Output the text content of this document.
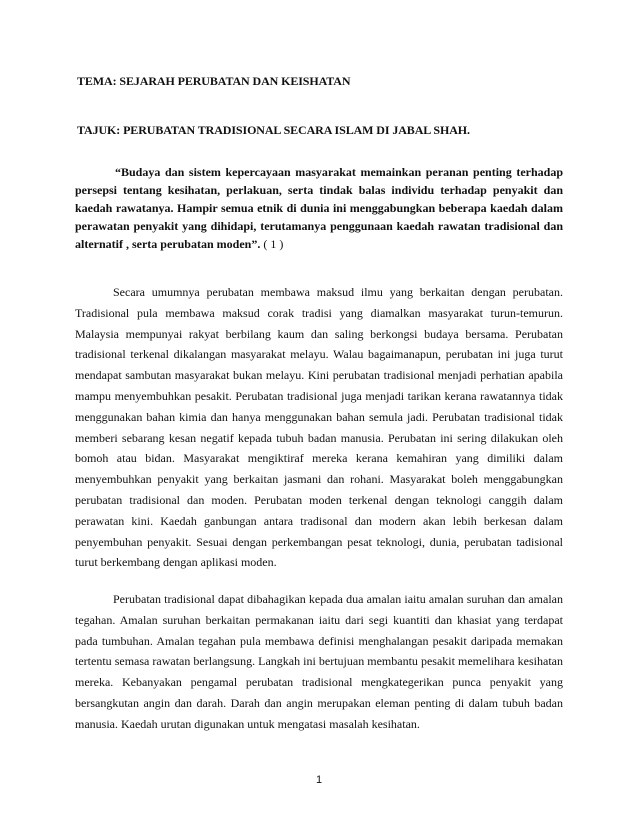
TEMA: SEJARAH PERUBATAN DAN KEISHATAN
TAJUK: PERUBATAN TRADISIONAL SECARA ISLAM DI JABAL SHAH.
“Budaya dan sistem kepercayaan masyarakat memainkan peranan penting terhadap persepsi tentang kesihatan, perlakuan, serta tindak balas individu terhadap penyakit dan kaedah rawatanya. Hampir semua etnik di dunia ini menggabungkan beberapa kaedah dalam perawatan penyakit yang dihidapi, terutamanya penggunaan kaedah rawatan tradisional dan alternatif , serta perubatan moden”. ( 1 )
Secara umumnya perubatan membawa maksud ilmu yang berkaitan dengan perubatan. Tradisional pula membawa maksud corak tradisi yang diamalkan masyarakat turun-temurun. Malaysia mempunyai rakyat berbilang kaum dan saling berkongsi budaya bersama. Perubatan tradisional terkenal dikalangan masyarakat melayu. Walau bagaimanapun, perubatan ini juga turut mendapat sambutan masyarakat bukan melayu. Kini perubatan tradisional menjadi perhatian apabila mampu menyembuhkan pesakit. Perubatan tradisional juga menjadi tarikan kerana rawatannya tidak menggunakan bahan kimia dan hanya menggunakan bahan semula jadi. Perubatan tradisional tidak memberi sebarang kesan negatif kepada tubuh badan manusia. Perubatan ini sering dilakukan oleh bomoh atau bidan. Masyarakat mengiktiraf mereka kerana kemahiran yang dimiliki dalam menyembuhkan penyakit yang berkaitan jasmani dan rohani. Masyarakat boleh menggabungkan perubatan tradisional dan moden. Perubatan moden terkenal dengan teknologi canggih dalam perawatan kini. Kaedah ganbungan antara tradisonal dan modern akan lebih berkesan dalam penyembuhan penyakit. Sesuai dengan perkembangan pesat teknologi, dunia, perubatan tadisional turut berkembang dengan aplikasi moden.
Perubatan tradisional dapat dibahagikan kepada dua amalan iaitu amalan suruhan dan amalan tegahan. Amalan suruhan berkaitan permakanan iaitu dari segi kuantiti dan khasiat yang terdapat pada tumbuhan. Amalan tegahan pula membawa definisi menghalangan pesakit daripada memakan tertentu semasa rawatan berlangsung. Langkah ini bertujuan membantu pesakit memelihara kesihatan mereka. Kebanyakan pengamal perubatan tradisional mengkategerikan punca penyakit yang bersangkutan angin dan darah. Darah dan angin merupakan eleman penting di dalam tubuh badan manusia. Kaedah urutan digunakan untuk mengatasi masalah kesihatan.
1
